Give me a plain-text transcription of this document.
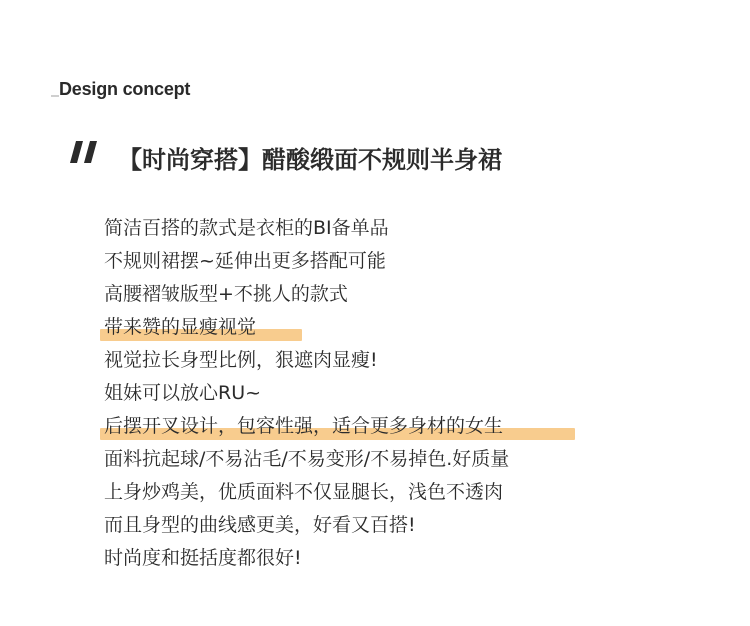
Design concept
【时尚穿搭】醋酸缎面不规则半身裙
简洁百搭的款式是衣柜的BI备单品
不规则裙摆~延伸出更多搭配可能
高腰褶皱版型+不挑人的款式
带来赞的显瘦视觉
视觉拉长身型比例，狠遮肉显瘦!
姐妹可以放心RU~
后摆开叉设计，包容性强，适合更多身材的女生
面料抗起球/不易沾毛/不易变形/不易掉色.好质量
上身炒鸡美，优质面料不仅显腿长，浅色不透肉
而且身型的曲线感更美，好看又百搭!
时尚度和挺括度都很好!
